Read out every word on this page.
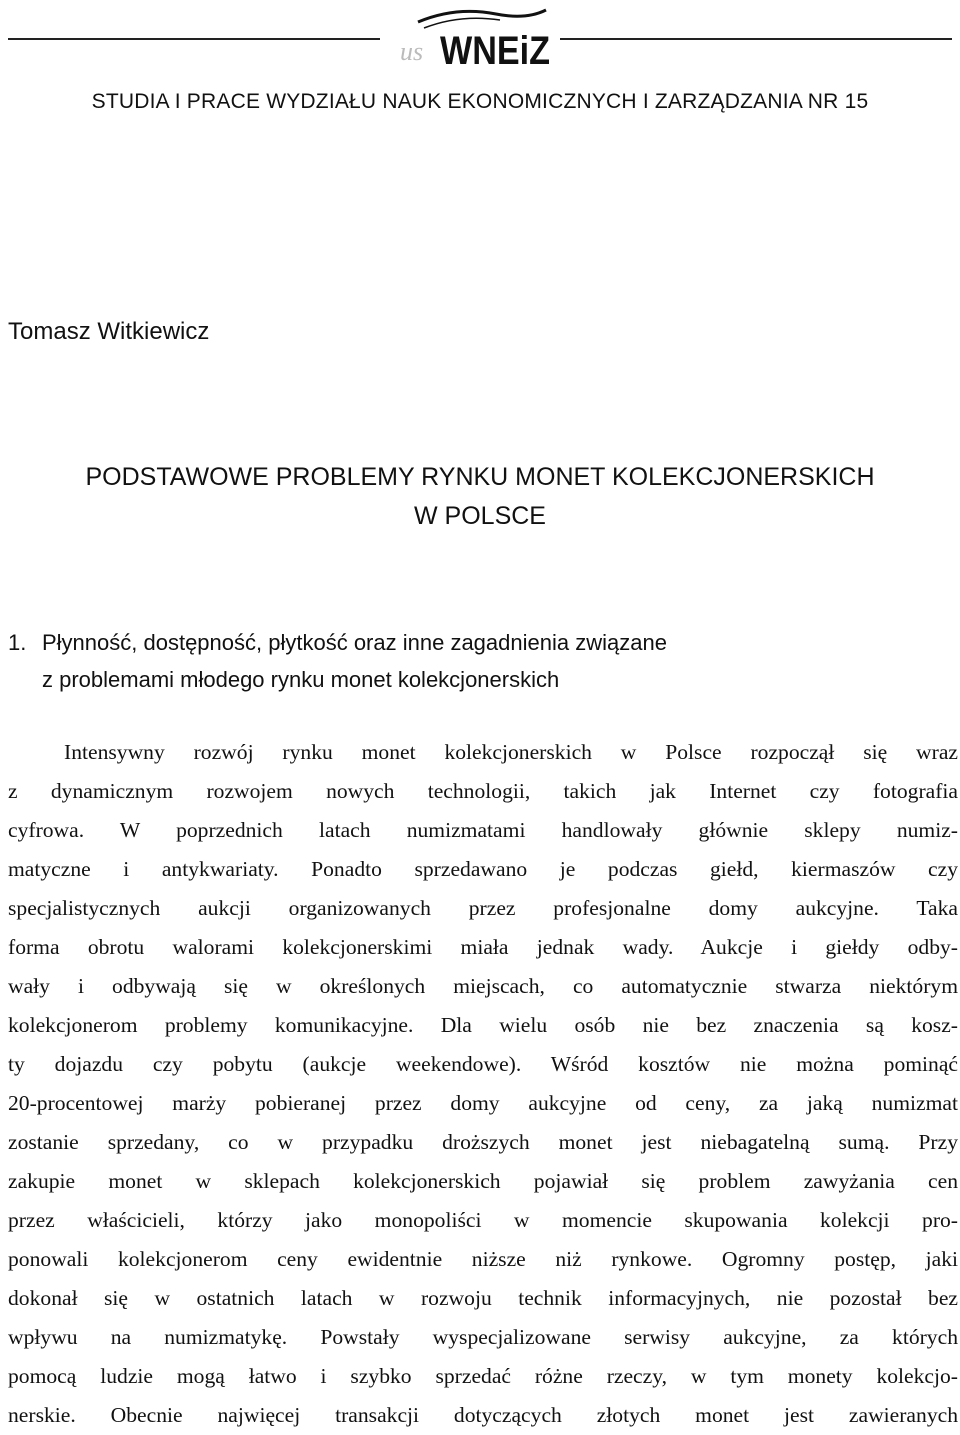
us WNEiZ
STUDIA I PRACE WYDZIAŁU NAUK EKONOMICZNYCH I ZARZĄDZANIA NR 15
Tomasz Witkiewicz
PODSTAWOWE PROBLEMY RYNKU MONET KOLEKCJONERSKICH
W POLSCE
1. Płynność, dostępność, płytkość oraz inne zagadnienia związane
z problemami młodego rynku monet kolekcjonerskich
Intensywny rozwój rynku monet kolekcjonerskich w Polsce rozpoczął się wraz
z dynamicznym rozwojem nowych technologii, takich jak Internet czy fotografia
cyfrowa. W poprzednich latach numizmatami handlowały głównie sklepy numiz-
matyczne i antykwariaty. Ponadto sprzedawano je podczas giełd, kiermaszów czy
specjalistycznych aukcji organizowanych przez profesjonalne domy aukcyjne. Taka
forma obrotu walorami kolekcjonerskimi miała jednak wady. Aukcje i giełdy odby-
wały i odbywają się w określonych miejscach, co automatycznie stwarza niektórym
kolekcjonerom problemy komunikacyjne. Dla wielu osób nie bez znaczenia są kosz-
ty dojazdu czy pobytu (aukcje weekendowe). Wśród kosztów nie można pominąć
20-procentowej marży pobieranej przez domy aukcyjne od ceny, za jaką numizmat
zostanie sprzedany, co w przypadku droższych monet jest niebagatelną sumą. Przy
zakupie monet w sklepach kolekcjonerskich pojawiał się problem zawyżania cen
przez właścicieli, którzy jako monopoliści w momencie skupowania kolekcji pro-
ponowali kolekcjonerom ceny ewidentnie niższe niż rynkowe. Ogromny postęp, jaki
dokonał się w ostatnich latach w rozwoju technik informacyjnych, nie pozostał bez
wpływu na numizmatykę. Powstały wyspecjalizowane serwisy aukcyjne, za których
pomocą ludzie mogą łatwo i szybko sprzedać różne rzeczy, w tym monety kolekcjo-
nerskie. Obecnie najwięcej transakcji dotyczących złotych monet jest zawieranych
